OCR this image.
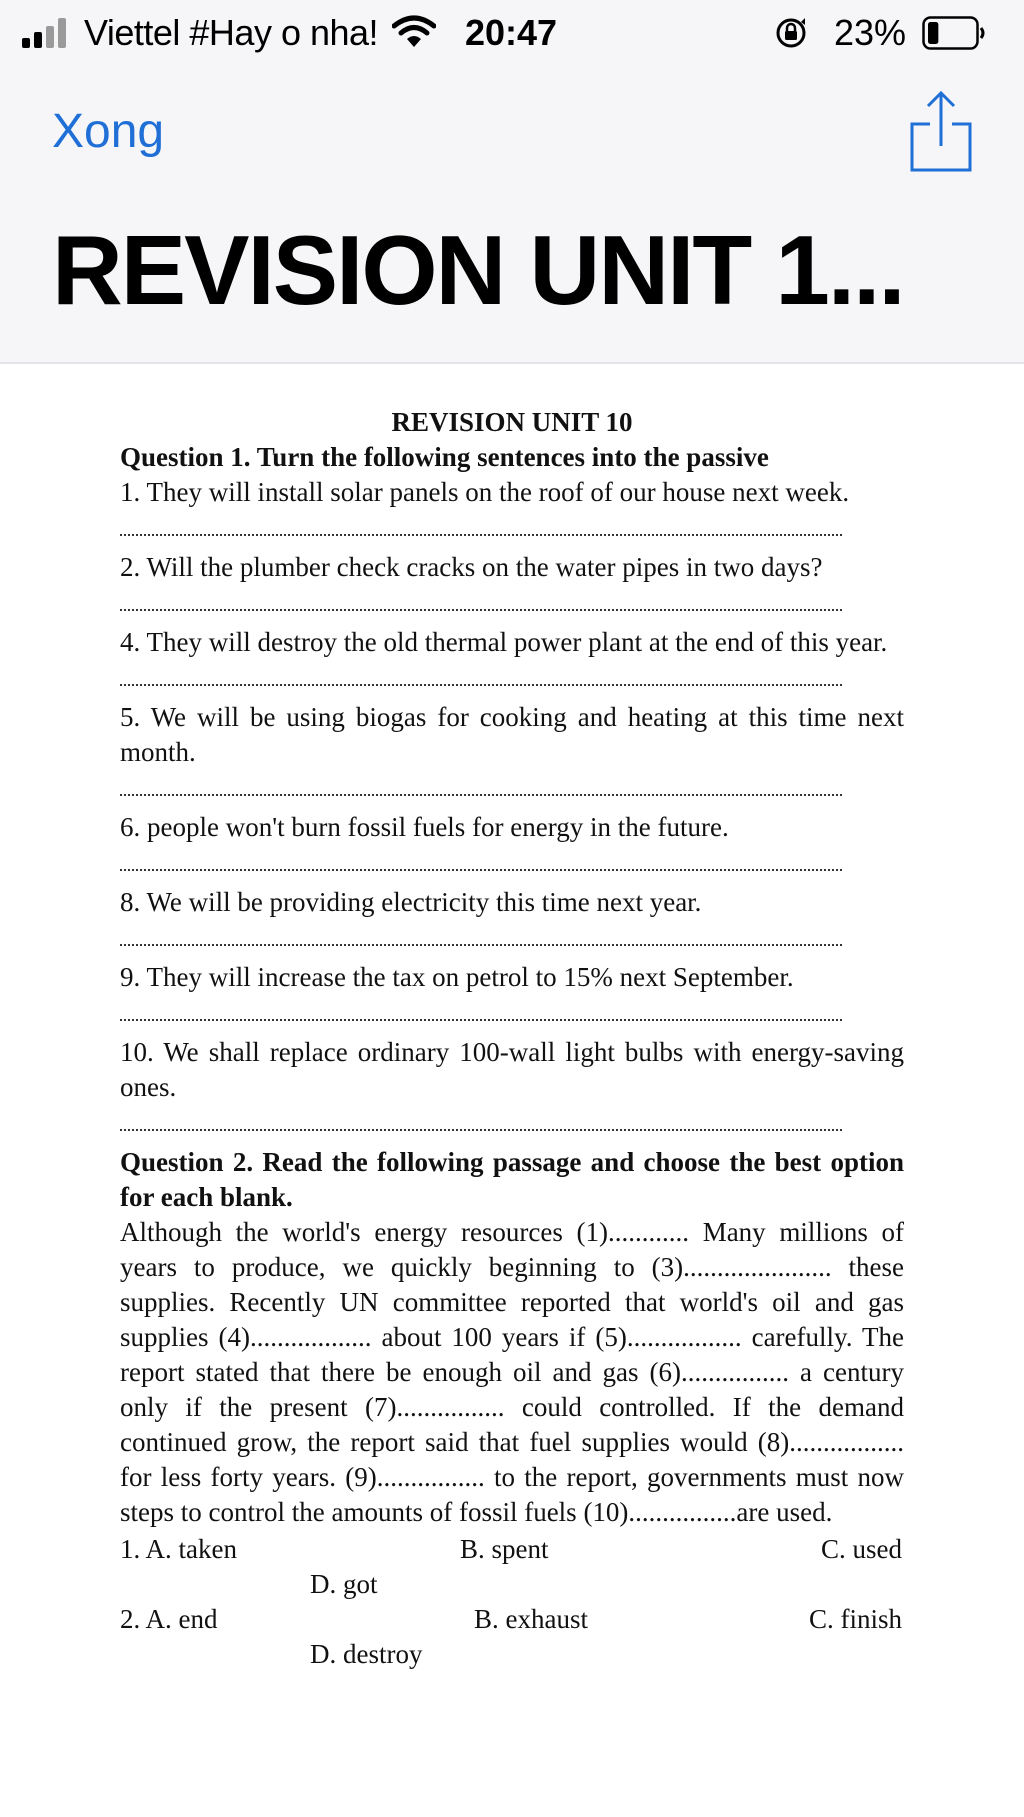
Viettel #Hay o nha! 20:47	23%
Xong
REVISION UNIT 1...

REVISION UNIT 10

Question 1. Turn the following sentences into the passive

1. They will install solar panels on the roof of our house next week.

2. Will the plumber check cracks on the water pipes in two days?

4. They will destroy the old thermal power plant at the end of this year.

5. We will be using biogas for cooking and heating at this time next month.

6. people won't burn fossil fuels for energy in the future.

8. We will be providing electricity this time next year.

9. They will increase the tax on petrol to 15% next September.

10. We shall replace ordinary 100-wall light bulbs with energy-saving ones.

Question 2. Read the following passage and choose the best option for each blank.

Although the world's energy resources (1)............ Many millions of years to produce, we quickly beginning to (3)...................... these supplies. Recently UN committee reported that world's oil and gas supplies (4).................. about 100 years if (5)................. carefully. The report stated that there be enough oil and gas (6)................ a century only if the present (7)................ could controlled. If the demand continued grow, the report said that fuel supplies would (8)................. for less forty years. (9)................ to the report, governments must now steps to control the amounts of fossil fuels (10)................are used.

1. A. taken	B. spent	C. used
D. got
2. A. end	B. exhaust	C. finish
D. destroy
